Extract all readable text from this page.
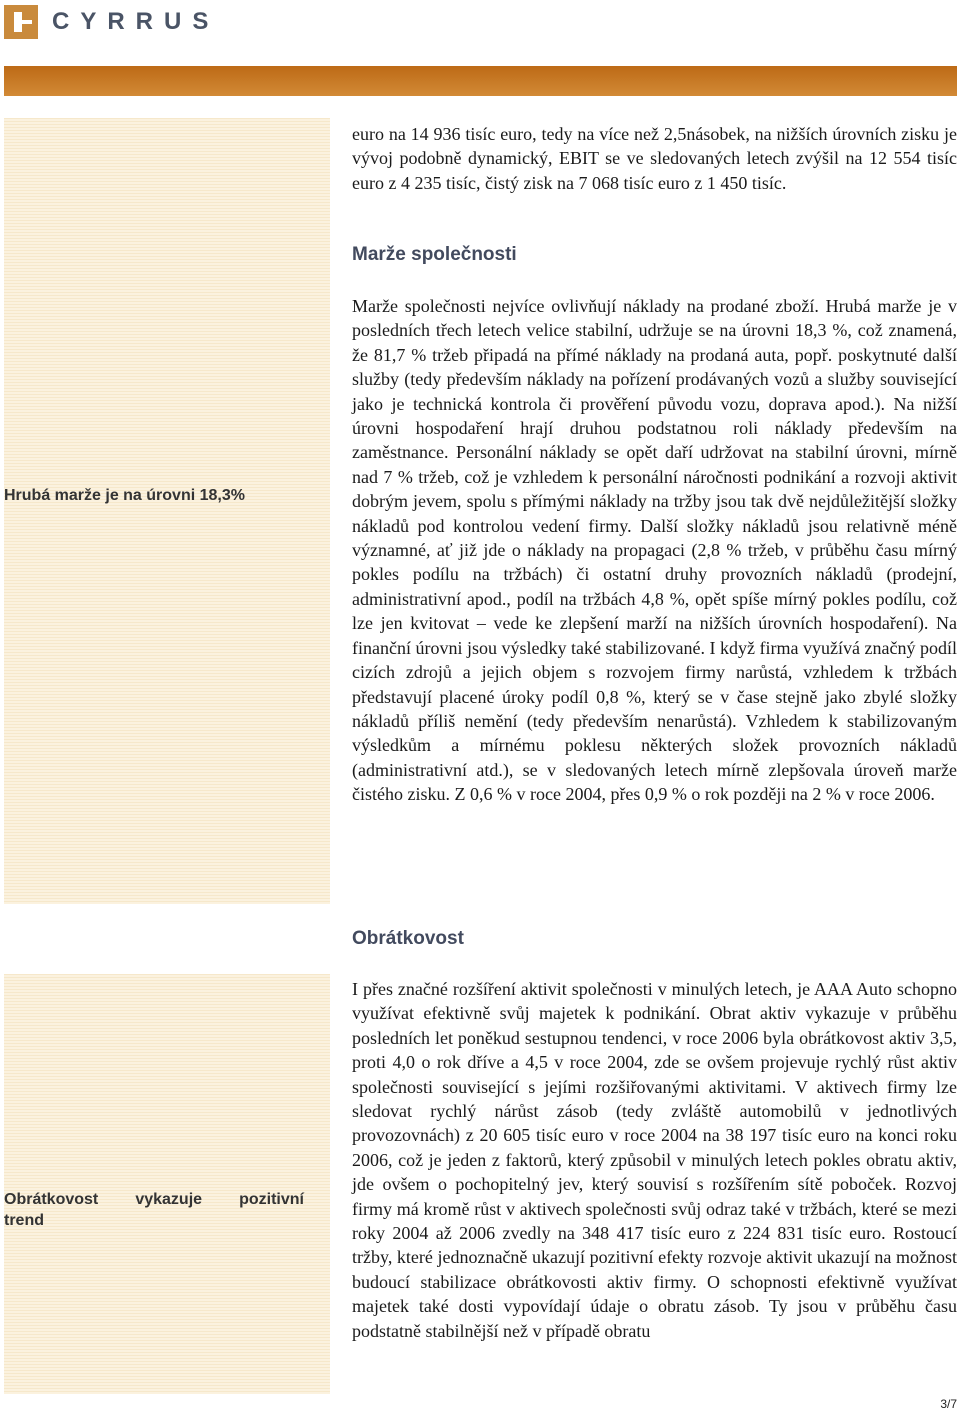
CYRRUS
Hrubá marže je na úrovni 18,3%
Obrátkovost vykazuje pozitivní
trend
euro na 14 936 tisíc euro, tedy na více než 2,5násobek, na nižších úrovních zisku je vývoj podobně dynamický, EBIT se ve sledovaných letech zvýšil na 12 554 tisíc euro z 4 235 tisíc, čistý zisk na 7 068 tisíc euro z 1 450 tisíc.
Marže společnosti
Marže společnosti nejvíce ovlivňují náklady na prodané zboží. Hrubá marže je v posledních třech letech velice stabilní, udržuje se na úrovni 18,3 %, což znamená, že 81,7 % tržeb připadá na přímé náklady na prodaná auta, popř. poskytnuté další služby (tedy především náklady na pořízení prodávaných vozů a služby související jako je technická kontrola či prověření původu vozu, doprava apod.). Na nižší úrovni hospodaření hrají druhou podstatnou roli náklady především na zaměstnance. Personální náklady se opět daří udržovat na stabilní úrovni, mírně nad 7 % tržeb, což je vzhledem k personální náročnosti podnikání a rozvoji aktivit dobrým jevem, spolu s přímými náklady na tržby jsou tak dvě nejdůležitější složky nákladů pod kontrolou vedení firmy. Další složky nákladů jsou relativně méně významné, ať již jde o náklady na propagaci (2,8 % tržeb, v průběhu času mírný pokles podílu na tržbách) či ostatní druhy provozních nákladů (prodejní, administrativní apod., podíl na tržbách 4,8 %, opět spíše mírný pokles podílu, což lze jen kvitovat – vede ke zlepšení marží na nižších úrovních hospodaření). Na finanční úrovni jsou výsledky také stabilizované. I když firma využívá značný podíl cizích zdrojů a jejich objem s rozvojem firmy narůstá, vzhledem k tržbách představují placené úroky podíl 0,8 %, který se v čase stejně jako zbylé složky nákladů příliš nemění (tedy především nenarůstá). Vzhledem k stabilizovaným výsledkům a mírnému poklesu některých složek provozních nákladů (administrativní atd.), se v sledovaných letech mírně zlepšovala úroveň marže čistého zisku. Z 0,6 % v roce 2004, přes 0,9 % o rok později na 2 % v roce 2006.
Obrátkovost
I přes značné rozšíření aktivit společnosti v minulých letech, je AAA Auto schopno využívat efektivně svůj majetek k podnikání. Obrat aktiv vykazuje v průběhu posledních let poněkud sestupnou tendenci, v roce 2006 byla obrátkovost aktiv 3,5, proti 4,0 o rok dříve a 4,5 v roce 2004, zde se ovšem projevuje rychlý růst aktiv společnosti související s jejími rozšiřovanými aktivitami. V aktivech firmy lze sledovat rychlý nárůst zásob (tedy zvláště automobilů v jednotlivých provozovnách) z 20 605 tisíc euro v roce 2004 na 38 197 tisíc euro na konci roku 2006, což je jeden z faktorů, který způsobil v minulých letech pokles obratu aktiv, jde ovšem o pochopitelný jev, který souvisí s rozšířením sítě poboček. Rozvoj firmy má kromě růst v aktivech společnosti svůj odraz také v tržbách, které se mezi roky 2004 až 2006 zvedly na 348 417 tisíc euro z 224 831 tisíc euro. Rostoucí tržby, které jednoznačně ukazují pozitivní efekty rozvoje aktivit ukazují na možnost budoucí stabilizace obrátkovosti aktiv firmy. O schopnosti efektivně využívat majetek také dosti vypovídají údaje o obratu zásob. Ty jsou v průběhu času podstatně stabilnější než v případě obratu
3/7
